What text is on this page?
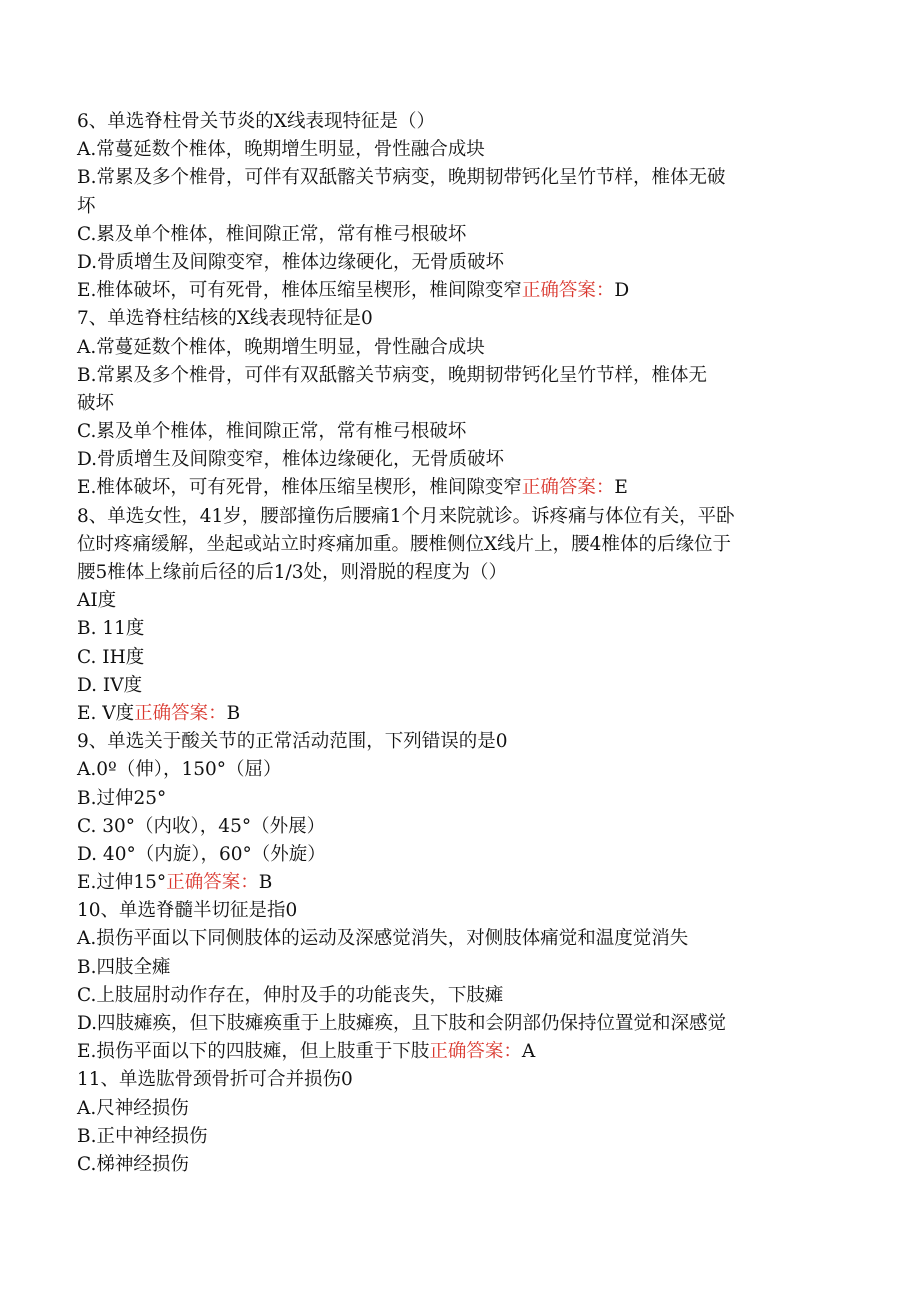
6、单选脊柱骨关节炎的X线表现特征是（）
A.常蔓延数个椎体，晚期增生明显，骨性融合成块
B.常累及多个椎骨，可伴有双舐髂关节病变，晚期韧带钙化呈竹节样，椎体无破
坏
C.累及单个椎体，椎间隙正常，常有椎弓根破坏
D.骨质增生及间隙变窄，椎体边缘硬化，无骨质破坏
E.椎体破坏，可有死骨，椎体压缩呈楔形，椎间隙变窄正确答案：D
7、单选脊柱结核的X线表现特征是0
A.常蔓延数个椎体，晚期增生明显，骨性融合成块
B.常累及多个椎骨，可伴有双舐髂关节病变，晚期韧带钙化呈竹节样，椎体无
破坏
C.累及单个椎体，椎间隙正常，常有椎弓根破坏
D.骨质增生及间隙变窄，椎体边缘硬化，无骨质破坏
E.椎体破坏，可有死骨，椎体压缩呈楔形，椎间隙变窄正确答案：E
8、单选女性，41岁，腰部撞伤后腰痛1个月来院就诊。诉疼痛与体位有关，平卧
位时疼痛缓解，坐起或站立时疼痛加重。腰椎侧位X线片上，腰4椎体的后缘位于
腰5椎体上缘前后径的后1/3处，则滑脱的程度为（）
AI度
B. 11度
C. IH度
D. IV度
E. V度正确答案：B
9、单选关于酸关节的正常活动范围，下列错误的是0
A.0º（伸），150°（屈）
B.过伸25°
C. 30°（内收），45°（外展）
D. 40°（内旋），60°（外旋）
E.过伸15°正确答案：B
10、单选脊髓半切征是指0
A.损伤平面以下同侧肢体的运动及深感觉消失，对侧肢体痛觉和温度觉消失
B.四肢全瘫
C.上肢屈肘动作存在，伸肘及手的功能丧失，下肢瘫
D.四肢瘫痪，但下肢瘫痪重于上肢瘫痪，且下肢和会阴部仍保持位置觉和深感觉
E.损伤平面以下的四肢瘫，但上肢重于下肢正确答案：A
11、单选肱骨颈骨折可合并损伤0
A.尺神经损伤
B.正中神经损伤
C.梯神经损伤
